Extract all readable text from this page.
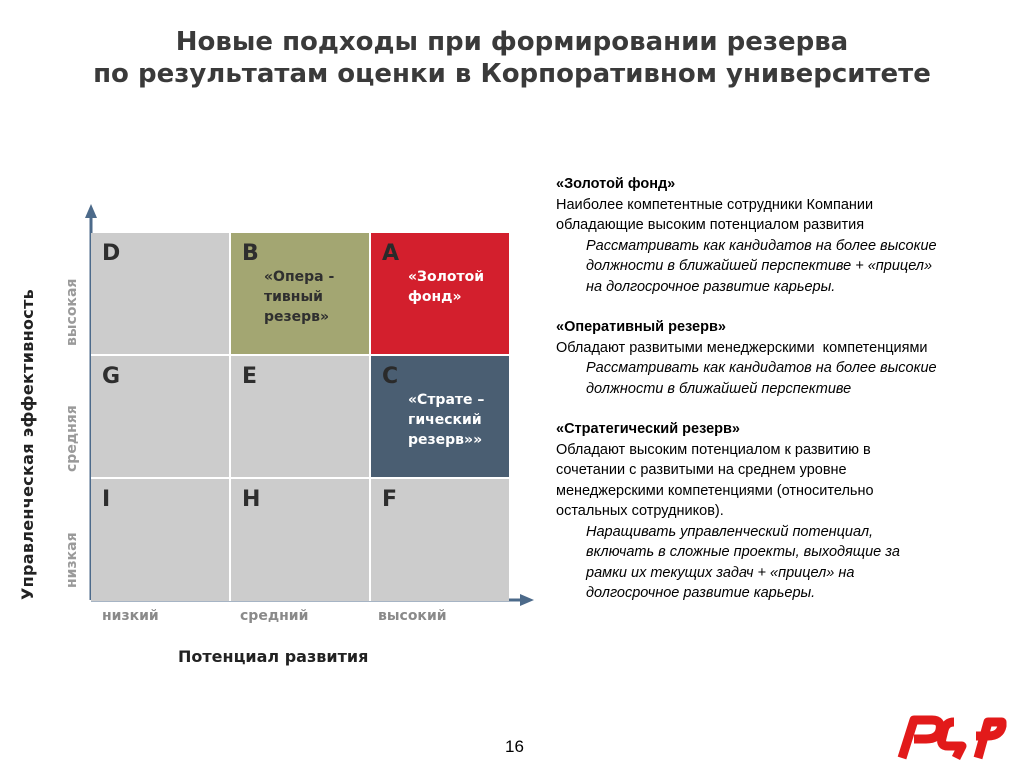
Новые подходы при формировании резерва
по результатам оценки в Корпоративном университете
Управленческая эффективность высокая
средняя
низкая
D	B
«Опера -
тивный
резерв»
A
«Золотой
фонд»
G	E	C
«Страте –
гический
резерв»»
I	H	F
низкий	средний	высокий
Потенциал развития
«Золотой фонд»
Наиболее компетентные сотрудники Компании
обладающие высоким потенциалом развития
Рассматривать как кандидатов на более высокие
должности в ближайшей перспективе + «прицел»
на долгосрочное развитие карьеры.
«Оперативный резерв»
Обладают развитыми менеджерскими  компетенциями
Рассматривать как кандидатов на более высокие
должности в ближайшей перспективе
«Стратегический резерв»
Обладают высоким потенциалом к развитию в
сочетании с развитыми на среднем уровне
менеджерскими компетенциями (относительно
остальных сотрудников).
Наращивать управленческий потенциал,
включать в сложные проекты, выходящие за
рамки их текущих задач + «прицел» на
долгосрочное развитие карьеры.
16
